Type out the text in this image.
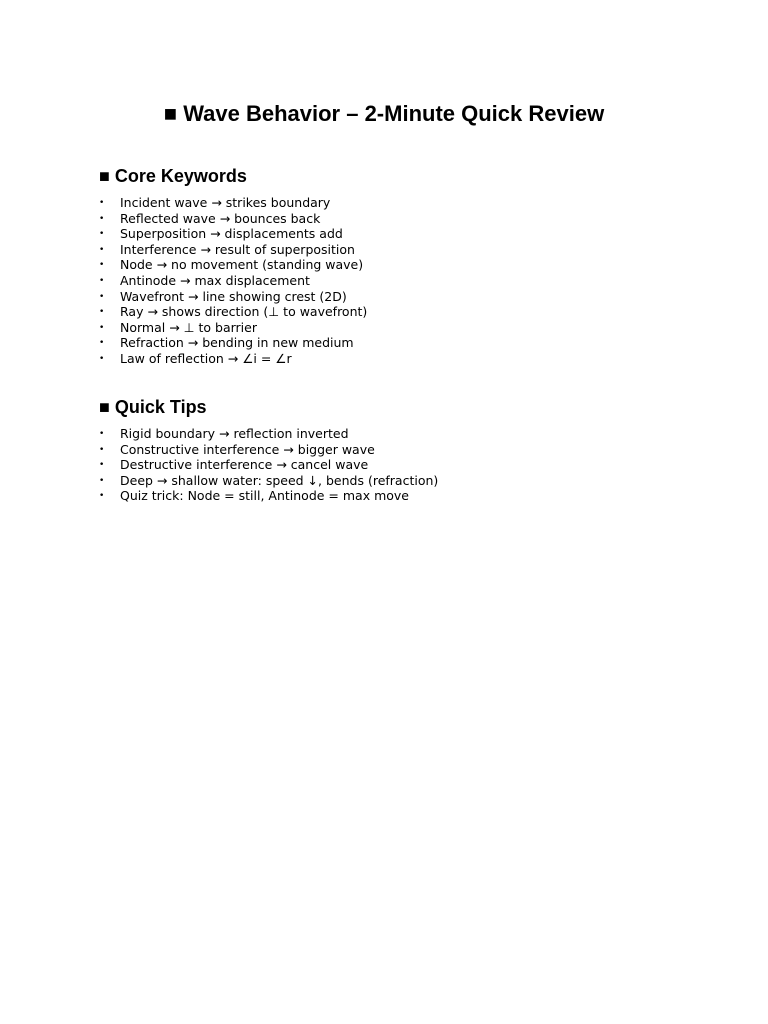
■ Wave Behavior – 2-Minute Quick Review
■ Core Keywords
• Incident wave → strikes boundary
• Reflected wave → bounces back
• Superposition → displacements add
• Interference → result of superposition
• Node → no movement (standing wave)
• Antinode → max displacement
• Wavefront → line showing crest (2D)
• Ray → shows direction (⊥ to wavefront)
• Normal → ⊥ to barrier
• Refraction → bending in new medium
• Law of reflection → ∠i = ∠r
■ Quick Tips
• Rigid boundary → reflection inverted
• Constructive interference → bigger wave
• Destructive interference → cancel wave
• Deep → shallow water: speed ↓, bends (refraction)
• Quiz trick: Node = still, Antinode = max move
